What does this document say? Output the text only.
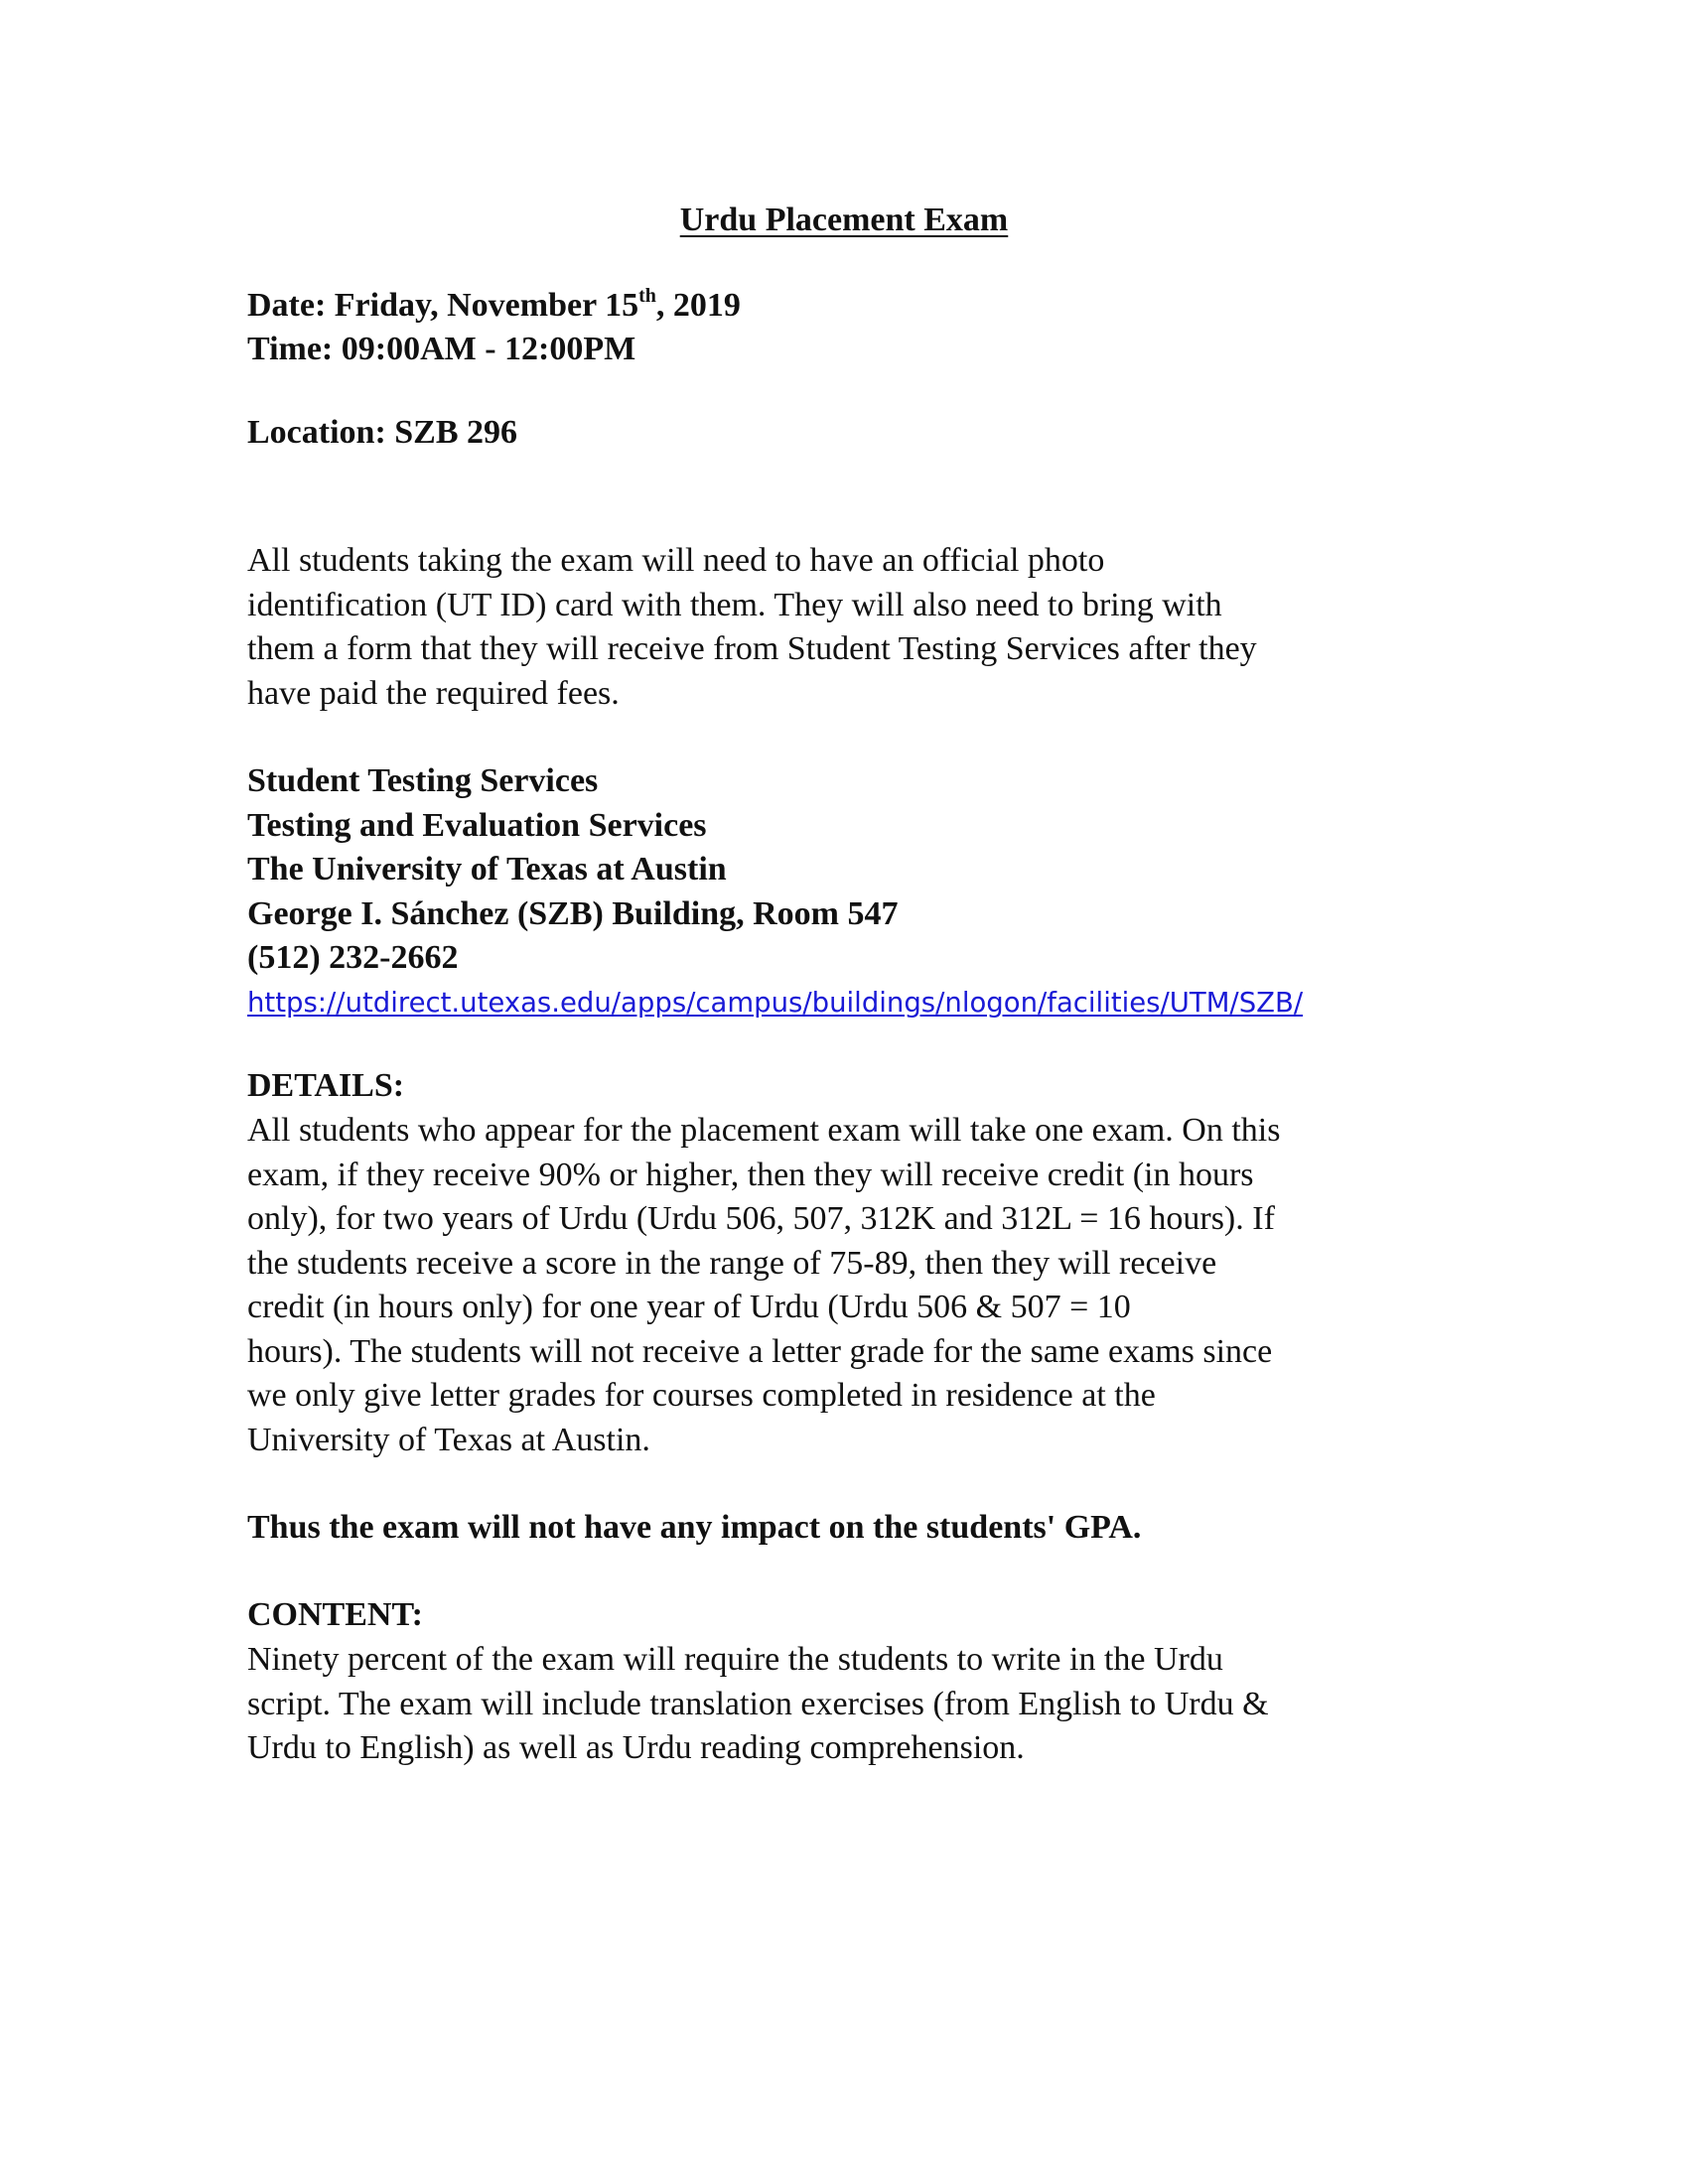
Urdu Placement Exam
Date: Friday, November 15th, 2019
Time: 09:00AM - 12:00PM
Location: SZB 296
All students taking the exam will need to have an official photo
identification (UT ID) card with them. They will also need to bring with
them a form that they will receive from Student Testing Services after they
have paid the required fees.
Student Testing Services
Testing and Evaluation Services
The University of Texas at Austin
George I. Sánchez (SZB) Building, Room 547
(512) 232-2662
https://utdirect.utexas.edu/apps/campus/buildings/nlogon/facilities/UTM/SZB/
DETAILS:
All students who appear for the placement exam will take one exam. On this
exam, if they receive 90% or higher, then they will receive credit (in hours
only), for two years of Urdu (Urdu 506, 507, 312K and 312L = 16 hours). If
the students receive a score in the range of 75-89, then they will receive
credit (in hours only) for one year of Urdu (Urdu 506 & 507 = 10
hours). The students will not receive a letter grade for the same exams since
we only give letter grades for courses completed in residence at the
University of Texas at Austin.
Thus the exam will not have any impact on the students' GPA.
CONTENT:
Ninety percent of the exam will require the students to write in the Urdu
script. The exam will include translation exercises (from English to Urdu &
Urdu to English) as well as Urdu reading comprehension.
